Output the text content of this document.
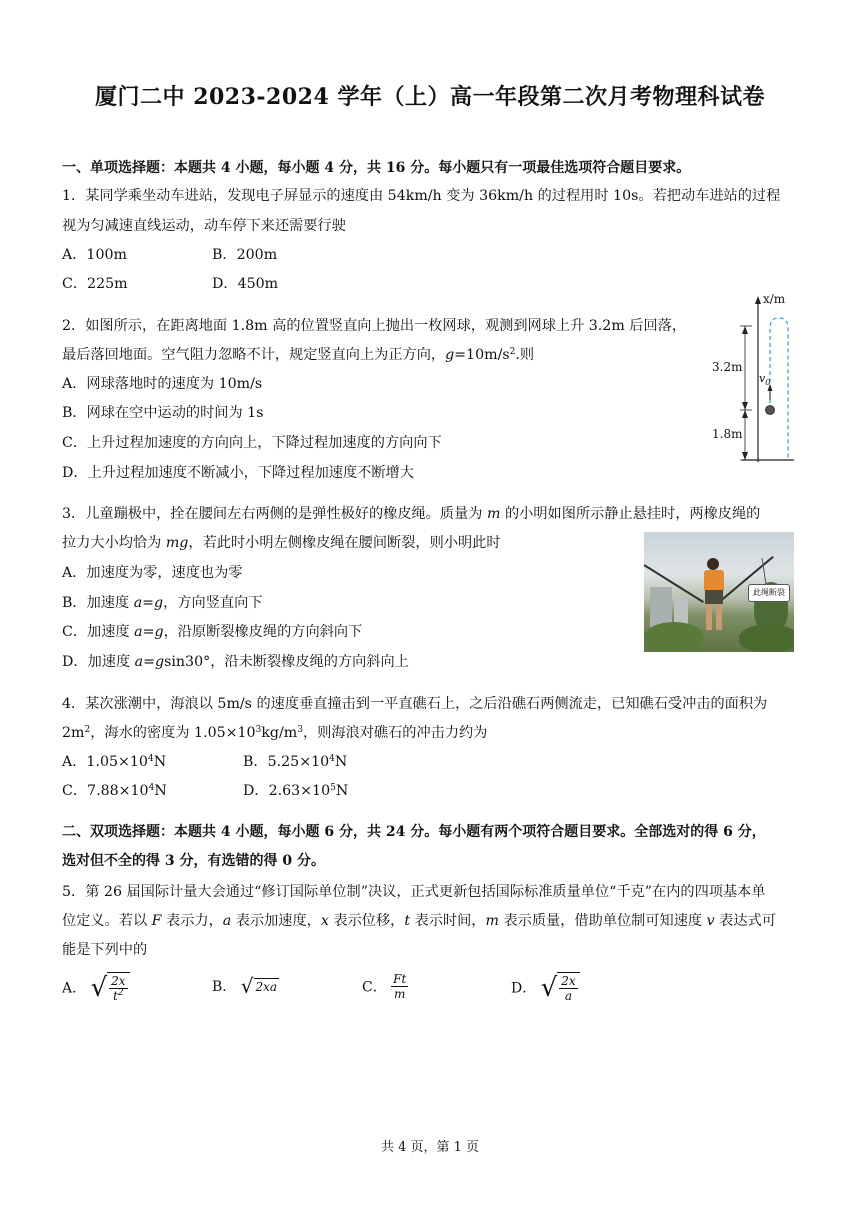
厦门二中 2023-2024 学年（上）高一年段第二次月考物理科试卷
一、单项选择题：本题共 4 小题，每小题 4 分，共 16 分。每小题只有一项最佳选项符合题目要求。
1．某同学乘坐动车进站，发现电子屏显示的速度由 54km/h 变为 36km/h 的过程用时 10s。若把动车进站的过程
视为匀减速直线运动，动车停下来还需要行驶
A．100m	B．200m
C．225m	D．450m
2．如图所示，在距离地面 1.8m 高的位置竖直向上抛出一枚网球，观测到网球上升 3.2m 后回落，
最后落回地面。空气阻力忽略不计，规定竖直向上为正方向，$g=10m/s^2$.则
A．网球落地时的速度为 10m/s
B．网球在空中运动的时间为 1s
C．上升过程加速度的方向向上，下降过程加速度的方向向下
D．上升过程加速度不断减小，下降过程加速度不断增大
x/m
3.2m
1.8m
$v_0$
3．儿童蹦极中，拴在腰间左右两侧的是弹性极好的橡皮绳。质量为 m 的小明如图所示静止悬挂时，两橡皮绳的
拉力大小均恰为 mg，若此时小明左侧橡皮绳在腰间断裂，则小明此时
A．加速度为零，速度也为零
B．加速度 a=g，方向竖直向下
C．加速度 a=g，沿原断裂橡皮绳的方向斜向下
D．加速度 a=gsin30°，沿未断裂橡皮绳的方向斜向上
此绳断裂
4．某次涨潮中，海浪以 5m/s 的速度垂直撞击到一平直礁石上，之后沿礁石两侧流走，已知礁石受冲击的面积为
$2m^2$，海水的密度为 $1.05\times 10^3kg/m^3$，则海浪对礁石的冲击力约为
A．$1.05\times 10^4N$	B．$5.25\times 10^4N$
C．$7.88\times 10^4N$	D．$2.63\times 10^5N$
二、双项选择题：本题共 4 小题，每小题 6 分，共 24 分。每小题有两个项符合题目要求。全部选对的得 6 分，
选对但不全的得 3 分，有选错的得 0 分。
5．第 26 届国际计量大会通过“修订国际单位制”决议，正式更新包括国际标准质量单位“千克”在内的四项基本单
位定义。若以 F 表示力，a 表示加速度，x 表示位移，t 表示时间，m 表示质量，借助单位制可知速度 v 表达式可
能是下列中的
A． √ $\frac{2x}{t^2}$	B． √ 2xa	C． $\frac{Ft}{m}$	D． √ $\frac{2x}{a}$
共 4 页，第 1 页
